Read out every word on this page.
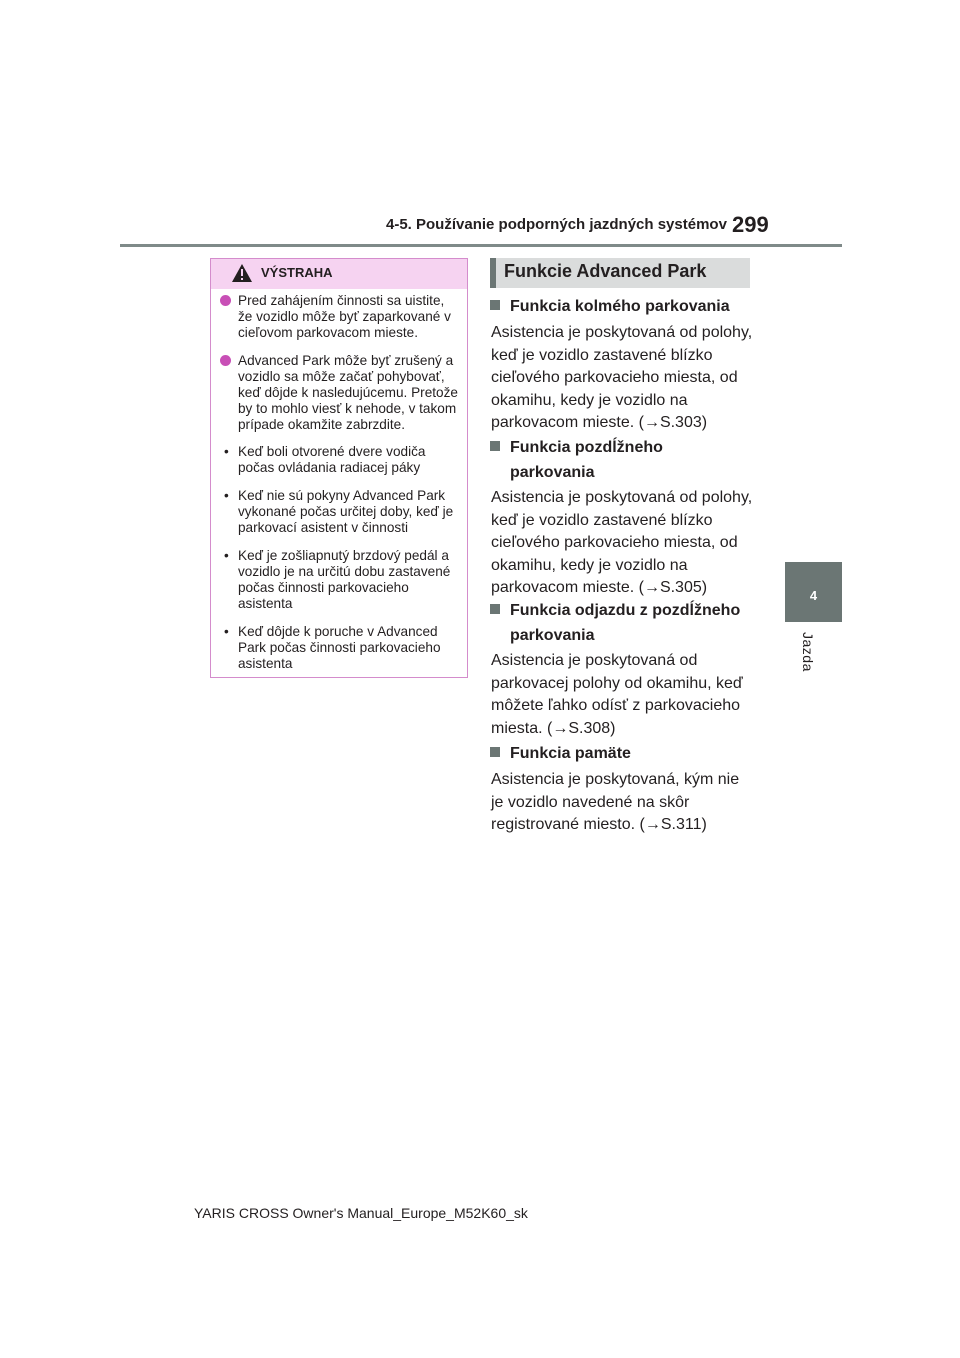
4-5. Používanie podporných jazdných systémov 299
4
Jazda
VÝSTRAHA
Pred zahájením činnosti sa uistite, že vozidlo môže byť zaparkované v cieľovom parkovacom mieste.
Advanced Park môže byť zrušený a vozidlo sa môže začať pohybovať, keď dôjde k nasledujúcemu. Pretože by to mohlo viesť k nehode, v takom prípade okamžite zabrzdite.
• Keď boli otvorené dvere vodiča počas ovládania radiacej páky
• Keď nie sú pokyny Advanced Park vykonané počas určitej doby, keď je parkovací asistent v činnosti
• Keď je zošliapnutý brzdový pedál a vozidlo je na určitú dobu zastavené počas činnosti parkovacieho asistenta
• Keď dôjde k poruche v Advanced Park počas činnosti parkovacieho asistenta
Funkcie Advanced Park
Funkcia kolmého parkovania
Asistencia je poskytovaná od polohy, keď je vozidlo zastavené blízko cieľového parkovacieho miesta, od okamihu, kedy je vozidlo na parkovacom mieste. (→S.303)
Funkcia pozdĺžneho parkovania
Asistencia je poskytovaná od polohy, keď je vozidlo zastavené blízko cieľového parkovacieho miesta, od okamihu, kedy je vozidlo na parkovacom mieste. (→S.305)
Funkcia odjazdu z pozdĺžneho parkovania
Asistencia je poskytovaná od parkovacej polohy od okamihu, keď môžete ľahko odísť z parkovacieho miesta. (→S.308)
Funkcia pamäte
Asistencia je poskytovaná, kým nie je vozidlo navedené na skôr registrované miesto. (→S.311)
YARIS CROSS Owner's Manual_Europe_M52K60_sk
